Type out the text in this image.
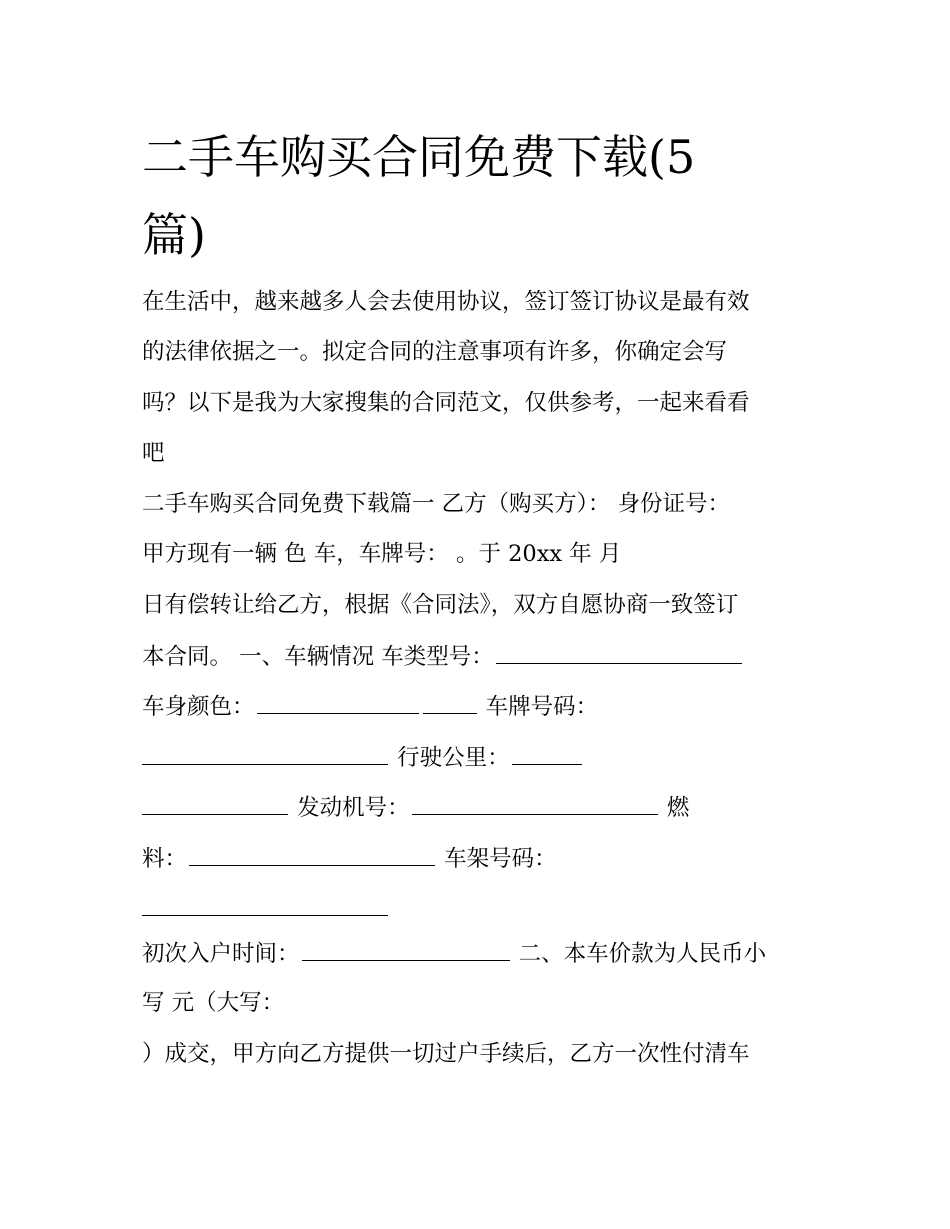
二手车购买合同免费下载(5
篇)
在生活中，越来越多人会去使用协议，签订签订协议是最有效
的法律依据之一。拟定合同的注意事项有许多，你确定会写
吗？以下是我为大家搜集的合同范文，仅供参考，一起来看看
吧
二手车购买合同免费下载篇一 乙方（购买方）： 身份证号：
甲方现有一辆 色 车，车牌号： 。于 20xx 年 月
日有偿转让给乙方，根据《合同法》，双方自愿协商一致签订
本合同。 一、车辆情况 车类型号：
车身颜色：	车牌号码：
行驶公里：
发动机号：	燃
料：	车架号码：
初次入户时间：	二、本车价款为人民币小
写 元（大写：
）成交，甲方向乙方提供一切过户手续后，乙方一次性付清车
